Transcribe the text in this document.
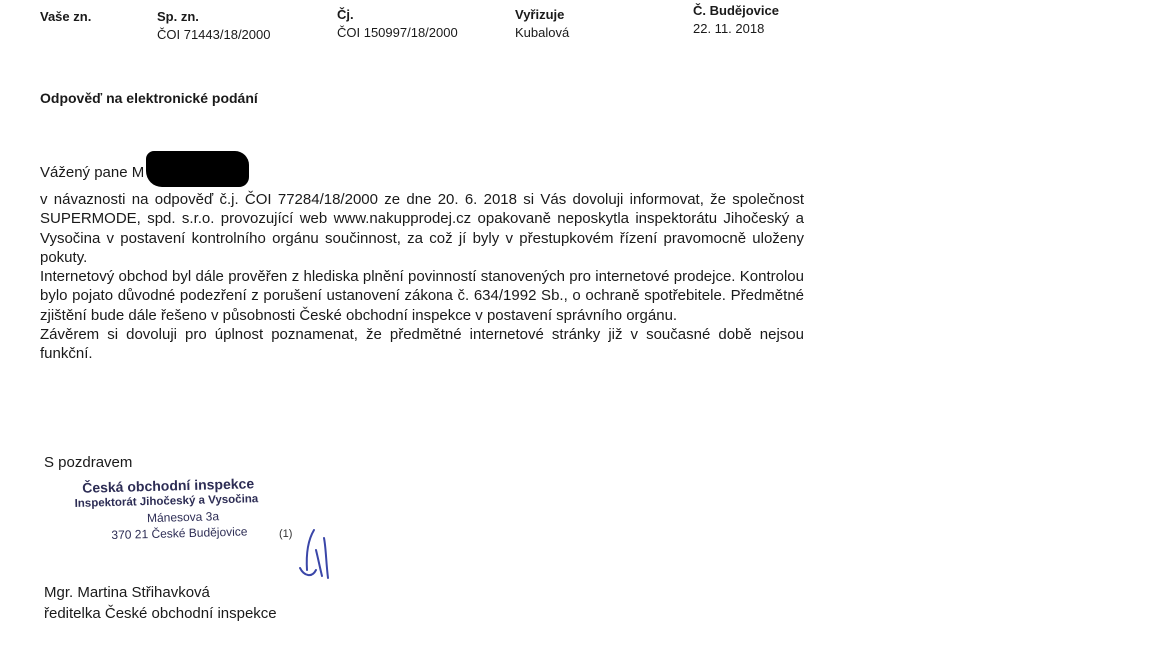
Vaše zn.	Sp. zn.
ČOI 71443/18/2000
Čj.
ČOI 150997/18/2000
Vyřizuje
Kubalová
Č. Budějovice
22. 11. 2018
Odpověď na elektronické podání
Vážený pane M

v návaznosti na odpověď č.j. ČOI 77284/18/2000 ze dne 20. 6. 2018 si Vás dovoluji informovat, že společnost SUPERMODE, spd. s.r.o. provozující web www.nakupprodej.cz opakovaně neposkytla inspektorátu Jihočeský a Vysočina v postavení kontrolního orgánu součinnost, za což jí byly v přestupkovém řízení pravomocně uloženy pokuty.

Internetový obchod byl dále prověřen z hlediska plnění povinností stanovených pro internetové prodejce. Kontrolou bylo pojato důvodné podezření z porušení ustanovení zákona č. 634/1992 Sb., o ochraně spotřebitele. Předmětné zjištění bude dále řešeno v působnosti České obchodní inspekce v postavení správního orgánu.

Závěrem si dovoluji pro úplnost poznamenat, že předmětné internetové stránky již v současné době nejsou funkční.

S pozdravem
Česká obchodní inspekce
Inspektorát Jihočeský a Vysočina
Mánesova 3a
370 21 České Budějovice	(1)
Mgr. Martina Střihavková
ředitelka České obchodní inspekce
